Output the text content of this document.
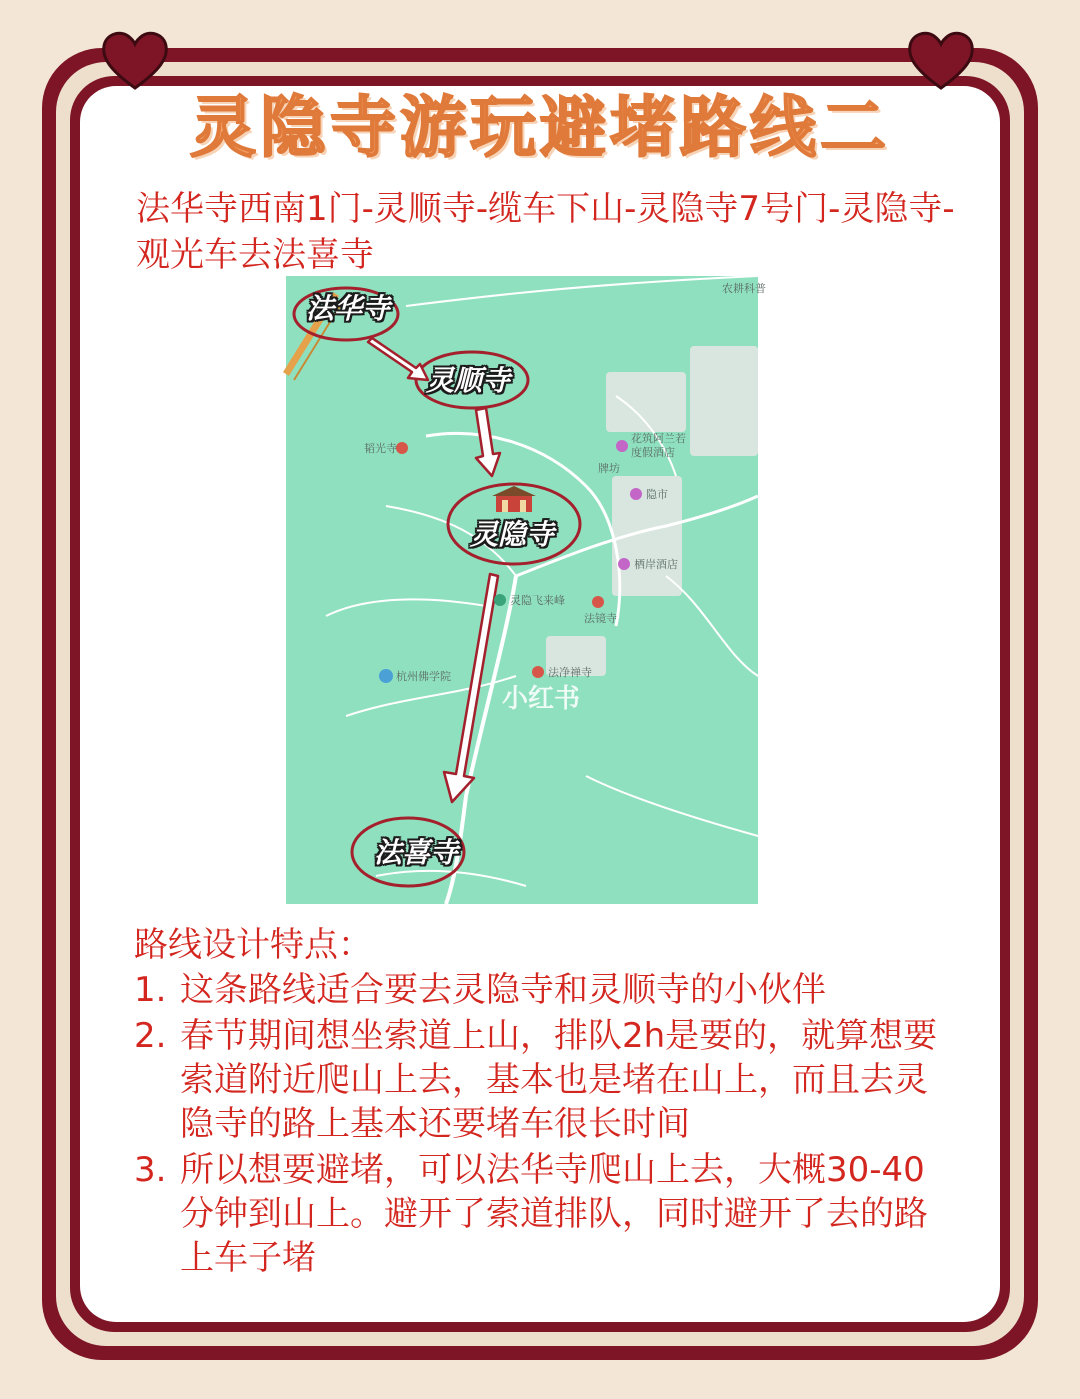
灵隐寺游玩避堵路线二
法华寺西南1门-灵顺寺-缆车下山-灵隐寺7号门-灵隐寺-观光车去法喜寺
农耕科普
韬光寺
花筑阿兰若度假酒店
牌坊
隐市
栖岸酒店
灵隐飞来峰
法镜寺
法净禅寺
杭州佛学院
法华寺
灵顺寺
灵隐寺
法喜寺
小红书
路线设计特点：
1. 这条路线适合要去灵隐寺和灵顺寺的小伙伴
2. 春节期间想坐索道上山，排队2h是要的，就算想要索道附近爬山上去，基本也是堵在山上，而且去灵隐寺的路上基本还要堵车很长时间
3. 所以想要避堵，可以法华寺爬山上去，大概30-40分钟到山上。避开了索道排队，同时避开了去的路上车子堵
